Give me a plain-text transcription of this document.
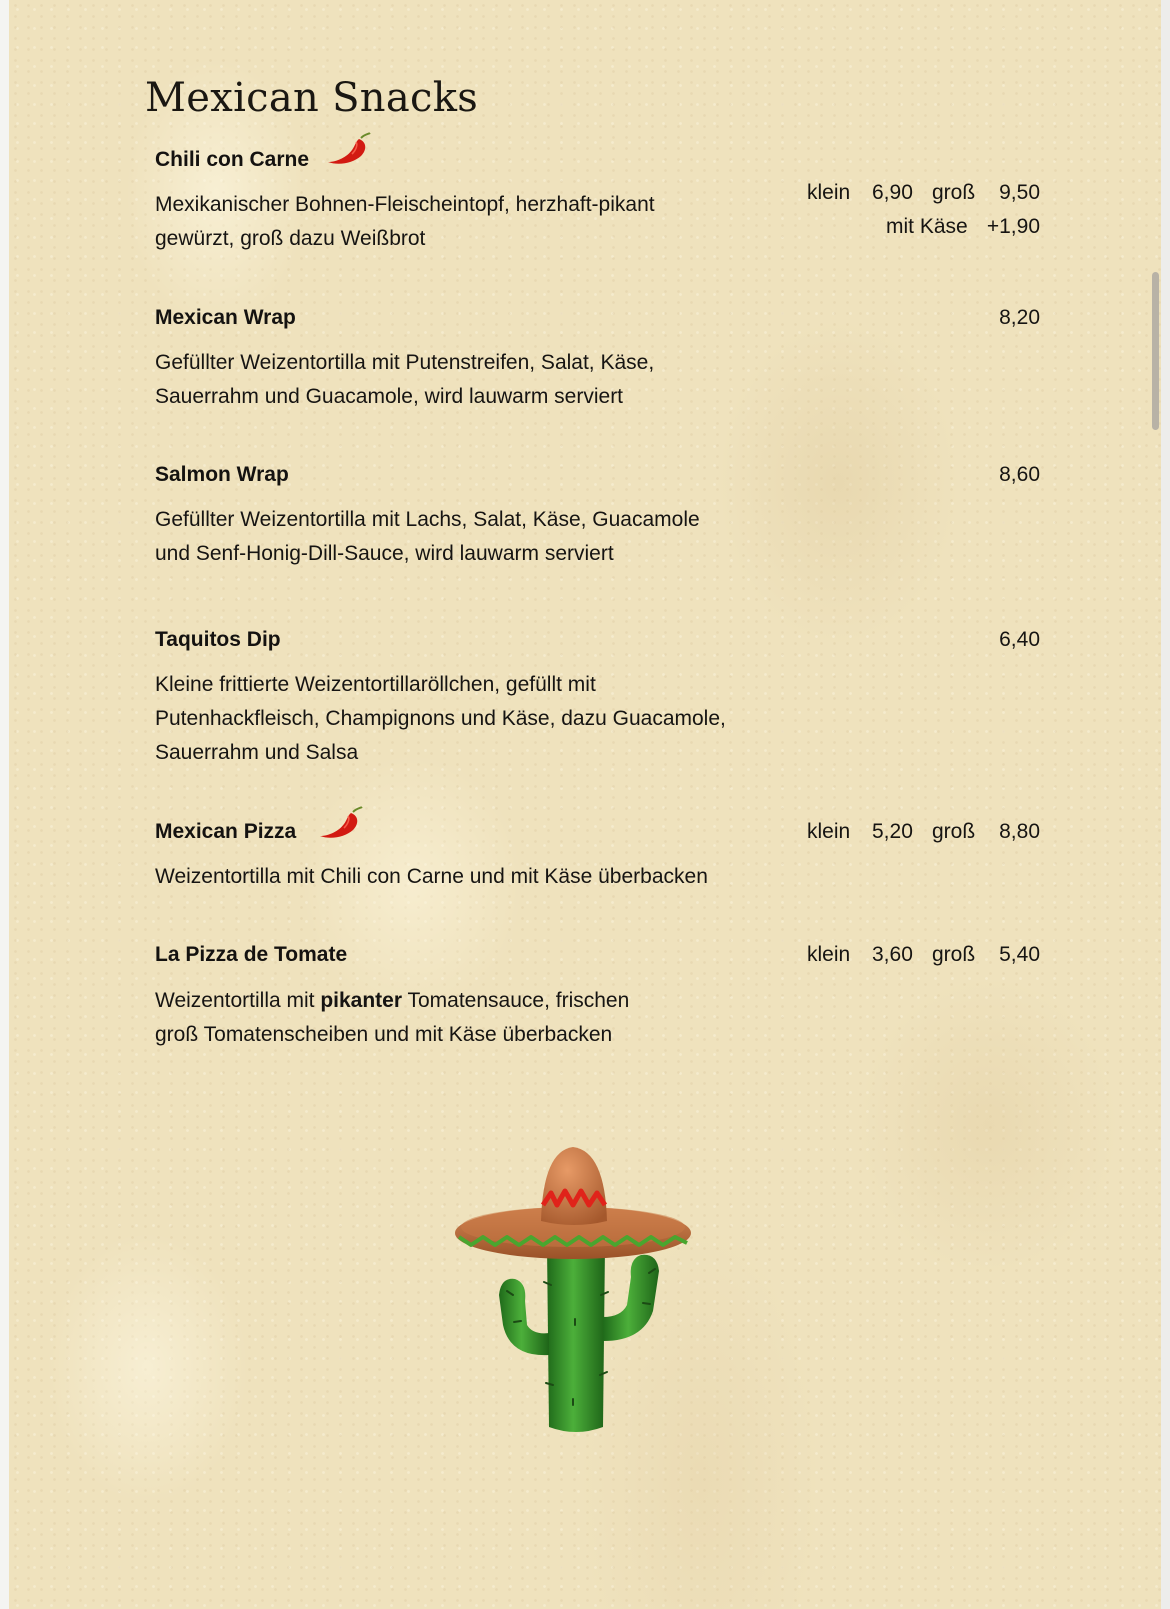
Mexican Snacks
Chili con Carne
Mexikanischer Bohnen-Fleischeintopf, herzhaft-pikant
gewürzt, groß dazu Weißbrot
klein 6,90 groß 9,50
mit Käse +1,90
Mexican Wrap	8,20
Gefüllter Weizentortilla mit Putenstreifen, Salat, Käse,
Sauerrahm und Guacamole, wird lauwarm serviert
Salmon Wrap	8,60
Gefüllter Weizentortilla mit Lachs, Salat, Käse, Guacamole
und Senf-Honig-Dill-Sauce, wird lauwarm serviert
Taquitos Dip	6,40
Kleine frittierte Weizentortillaröllchen, gefüllt mit
Putenhackfleisch, Champignons und Käse, dazu Guacamole,
Sauerrahm und Salsa
Mexican Pizza	klein 5,20 groß 8,80
Weizentortilla mit Chili con Carne und mit Käse überbacken
La Pizza de Tomate	klein 3,60 groß 5,40
Weizentortilla mit pikanter Tomatensauce, frischen
groß Tomatenscheiben und mit Käse überbacken
